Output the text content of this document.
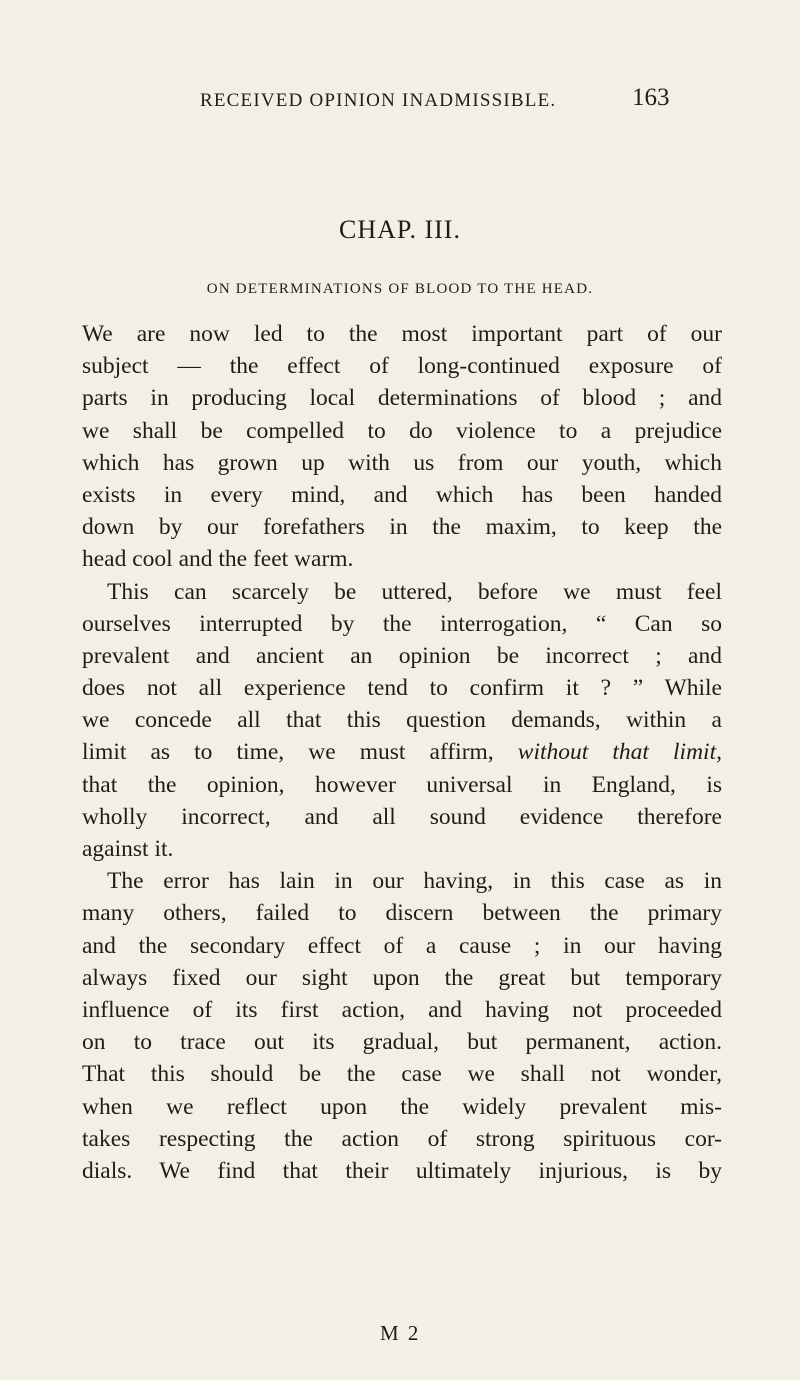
RECEIVED OPINION INADMISSIBLE.	163
CHAP. III.
ON DETERMINATIONS OF BLOOD TO THE HEAD.
We are now led to the most important part of our
subject — the effect of long-continued exposure of
parts in producing local determinations of blood ; and
we shall be compelled to do violence to a prejudice
which has grown up with us from our youth, which
exists in every mind, and which has been handed
down by our forefathers in the maxim, to keep the
head cool and the feet warm.
This can scarcely be uttered, before we must feel
ourselves interrupted by the interrogation, “ Can so
prevalent and ancient an opinion be incorrect ; and
does not all experience tend to confirm it ? ” While
we concede all that this question demands, within a
limit as to time, we must affirm, without that limit,
that the opinion, however universal in England, is
wholly incorrect, and all sound evidence therefore
against it.
The error has lain in our having, in this case as in
many others, failed to discern between the primary
and the secondary effect of a cause ; in our having
always fixed our sight upon the great but temporary
influence of its first action, and having not proceeded
on to trace out its gradual, but permanent, action.
That this should be the case we shall not wonder,
when we reflect upon the widely prevalent mis-
takes respecting the action of strong spirituous cor-
dials. We find that their ultimately injurious, is by
M 2
